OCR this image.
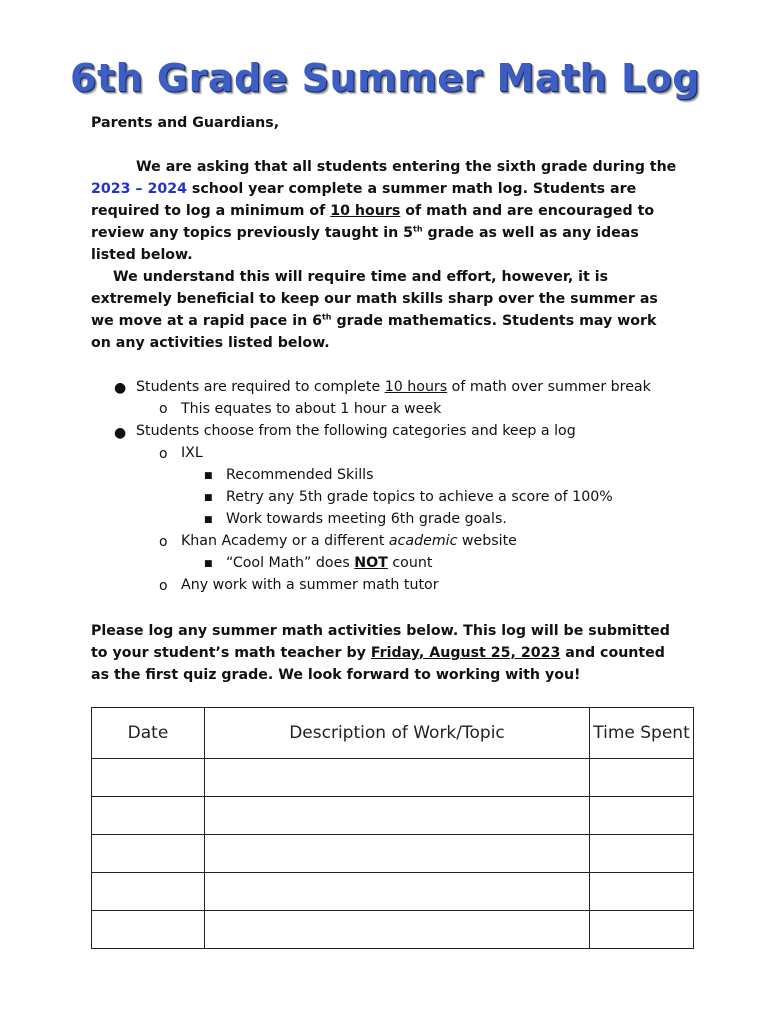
6th Grade Summer Math Log

Parents and Guardians,

We are asking that all students entering the sixth grade during the 2023 – 2024 school year complete a summer math log. Students are required to log a minimum of 10 hours of math and are encouraged to review any topics previously taught in 5th grade as well as any ideas listed below.

We understand this will require time and effort, however, it is extremely beneficial to keep our math skills sharp over the summer as we move at a rapid pace in 6th grade mathematics. Students may work on any activities listed below.

● Students are required to complete 10 hours of math over summer break
o This equates to about 1 hour a week
● Students choose from the following categories and keep a log
o IXL
■ Recommended Skills
■ Retry any 5th grade topics to achieve a score of 100%
■ Work towards meeting 6th grade goals.
o Khan Academy or a different academic website
■ “Cool Math” does NOT count
o Any work with a summer math tutor

Please log any summer math activities below. This log will be submitted to your student’s math teacher by Friday, August 25, 2023 and counted as the first quiz grade. We look forward to working with you!

Date	Description of Work/Topic	Time Spent
